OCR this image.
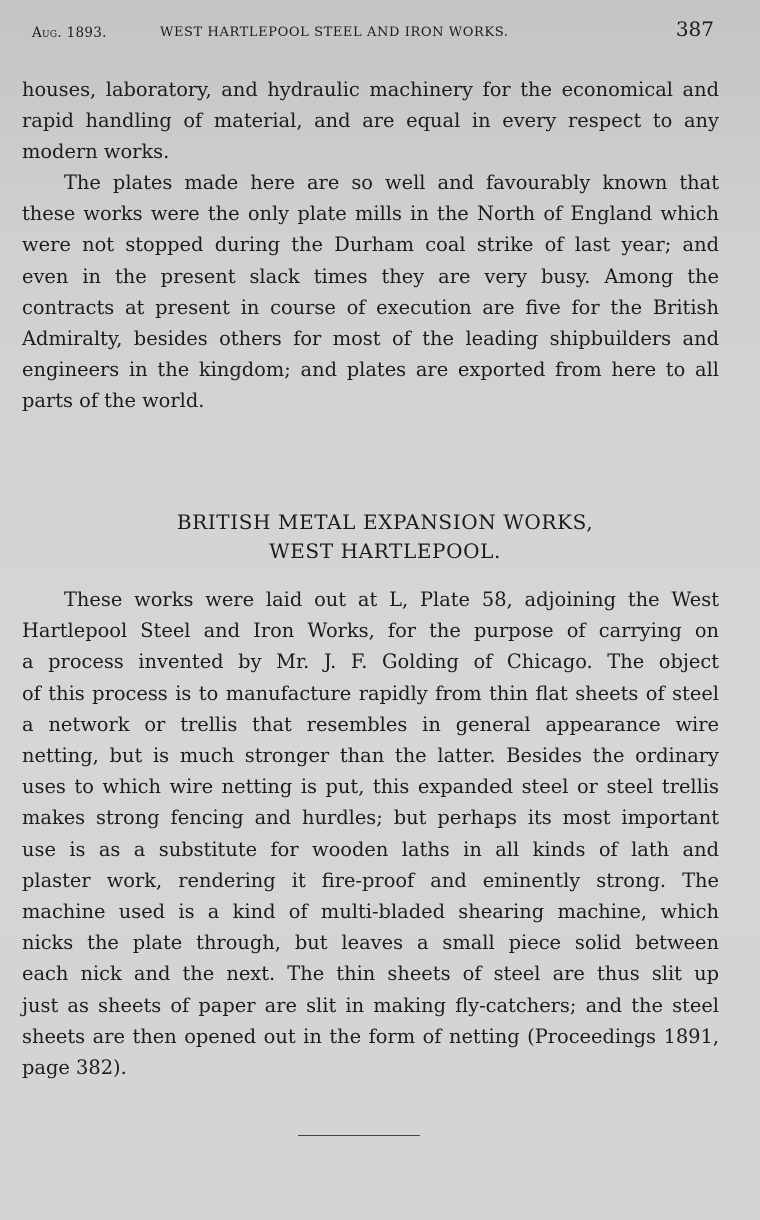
Aug. 1893.	WEST HARTLEPOOL STEEL AND IRON WORKS.	387
houses, laboratory, and hydraulic machinery for the economical and
rapid handling of material, and are equal in every respect to any
modern works.
The plates made here are so well and favourably known that
these works were the only plate mills in the North of England which
were not stopped during the Durham coal strike of last year; and
even in the present slack times they are very busy. Among the
contracts at present in course of execution are five for the British
Admiralty, besides others for most of the leading shipbuilders and
engineers in the kingdom; and plates are exported from here to all
parts of the world.
BRITISH METAL EXPANSION WORKS,
WEST HARTLEPOOL.
These works were laid out at L, Plate 58, adjoining the West
Hartlepool Steel and Iron Works, for the purpose of carrying on
a process invented by Mr. J. F. Golding of Chicago. The object
of this process is to manufacture rapidly from thin flat sheets of steel
a network or trellis that resembles in general appearance wire
netting, but is much stronger than the latter. Besides the ordinary
uses to which wire netting is put, this expanded steel or steel trellis
makes strong fencing and hurdles; but perhaps its most important
use is as a substitute for wooden laths in all kinds of lath and
plaster work, rendering it fire-proof and eminently strong. The
machine used is a kind of multi-bladed shearing machine, which
nicks the plate through, but leaves a small piece solid between
each nick and the next. The thin sheets of steel are thus slit up
just as sheets of paper are slit in making fly-catchers; and the steel
sheets are then opened out in the form of netting (Proceedings 1891,
page 382).
